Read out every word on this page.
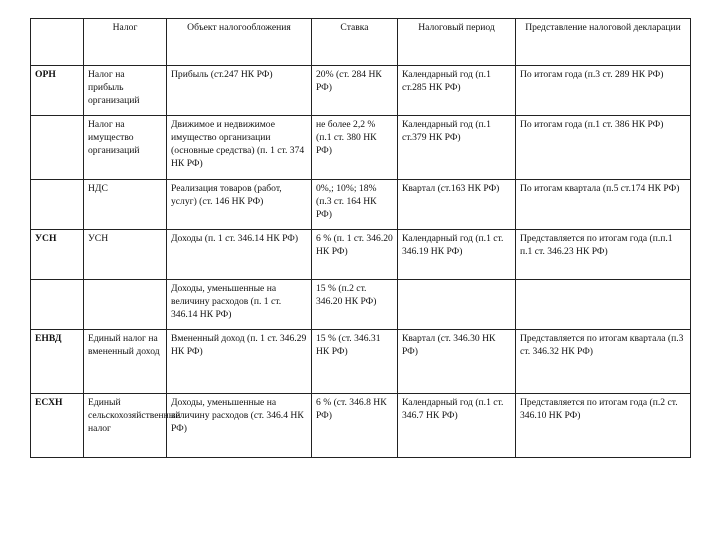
	Налог	Объект налогообложения	Ставка	Налоговый период	Представление налоговой декларации
ОРН	Налог на прибыль организаций	Прибыль (ст.247 НК РФ)	20% (ст. 284 НК РФ)	Календарный год (п.1 ст.285 НК РФ)	По итогам года (п.3 ст. 289 НК РФ)
	Налог на имущество организаций	Движимое и недвижимое имущество организации (основные средства) (п. 1 ст. 374 НК РФ)	не более 2,2 % (п.1 ст. 380 НК РФ)	Календарный год (п.1 ст.379 НК РФ)	По итогам года (п.1 ст. 386 НК РФ)
	НДС	Реализация товаров (работ, услуг) (ст. 146 НК РФ)	0%,; 10%; 18% (п.3 ст. 164 НК РФ)	Квартал (ст.163 НК РФ)	По итогам квартала (п.5 ст.174 НК РФ)
УСН	УСН	Доходы (п. 1 ст. 346.14 НК РФ)	6 % (п. 1 ст. 346.20 НК РФ)	Календарный год (п.1 ст. 346.19 НК РФ)	Представляется по итогам года (п.п.1 п.1 ст. 346.23 НК РФ)
		Доходы, уменьшенные на величину расходов (п. 1 ст. 346.14 НК РФ)	15 % (п.2 ст. 346.20 НК РФ)		
ЕНВД	Единый налог на вмененный доход	Вмененный доход (п. 1 ст. 346.29 НК РФ)	15 % (ст. 346.31 НК РФ)	Квартал (ст. 346.30 НК РФ)	Представляется по итогам квартала (п.3 ст. 346.32 НК РФ)
ЕСХН	Единый сельскохозяйственный налог	Доходы, уменьшенные на величину расходов (ст. 346.4 НК РФ)	6 % (ст. 346.8 НК РФ)	Календарный год (п.1 ст. 346.7 НК РФ)	Представляется по итогам года (п.2 ст. 346.10 НК РФ)
